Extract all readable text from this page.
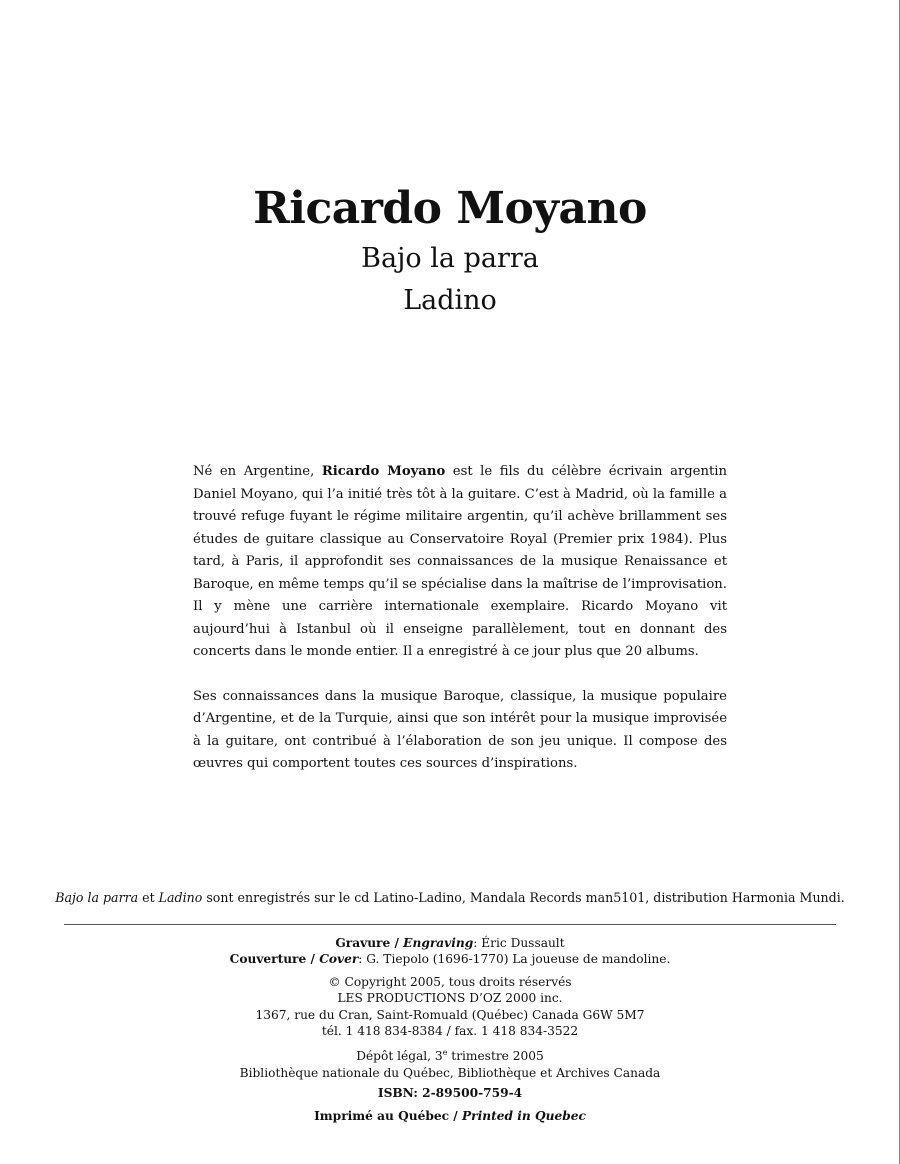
Ricardo Moyano
Bajo la parra
Ladino

Né en Argentine, Ricardo Moyano est le fils du célèbre écrivain argentin Daniel Moyano, qui l’a initié très tôt à la guitare. C’est à Madrid, où la famille a trouvé refuge fuyant le régime militaire argentin, qu’il achève brillamment ses études de guitare classique au Conservatoire Royal (Premier prix 1984). Plus tard, à Paris, il approfondit ses connaissances de la musique Renaissance et Baroque, en même temps qu’il se spécialise dans la maîtrise de l’improvisation. Il y mène une carrière internationale exemplaire. Ricardo Moyano vit aujourd’hui à Istanbul où il enseigne parallèlement, tout en donnant des concerts dans le monde entier. Il a enregistré à ce jour plus que 20 albums.

Ses connaissances dans la musique Baroque, classique, la musique populaire d’Argentine, et de la Turquie, ainsi que son intérêt pour la musique improvisée à la guitare, ont contribué à l’élaboration de son jeu unique. Il compose des œuvres qui comportent toutes ces sources d’inspirations.

Bajo la parra et Ladino sont enregistrés sur le cd Latino-Ladino, Mandala Records man5101, distribution Harmonia Mundi.
Gravure / Engraving: Éric Dussault
Couverture / Cover: G. Tiepolo (1696-1770) La joueuse de mandoline.
© Copyright 2005, tous droits réservés
LES PRODUCTIONS D’OZ 2000 inc.
1367, rue du Cran, Saint-Romuald (Québec) Canada G6W 5M7
tél. 1 418 834-8384 / fax. 1 418 834-3522
Dépôt légal, 3e trimestre 2005
Bibliothèque nationale du Québec, Bibliothèque et Archives Canada
ISBN: 2-89500-759-4
Imprimé au Québec / Printed in Quebec
